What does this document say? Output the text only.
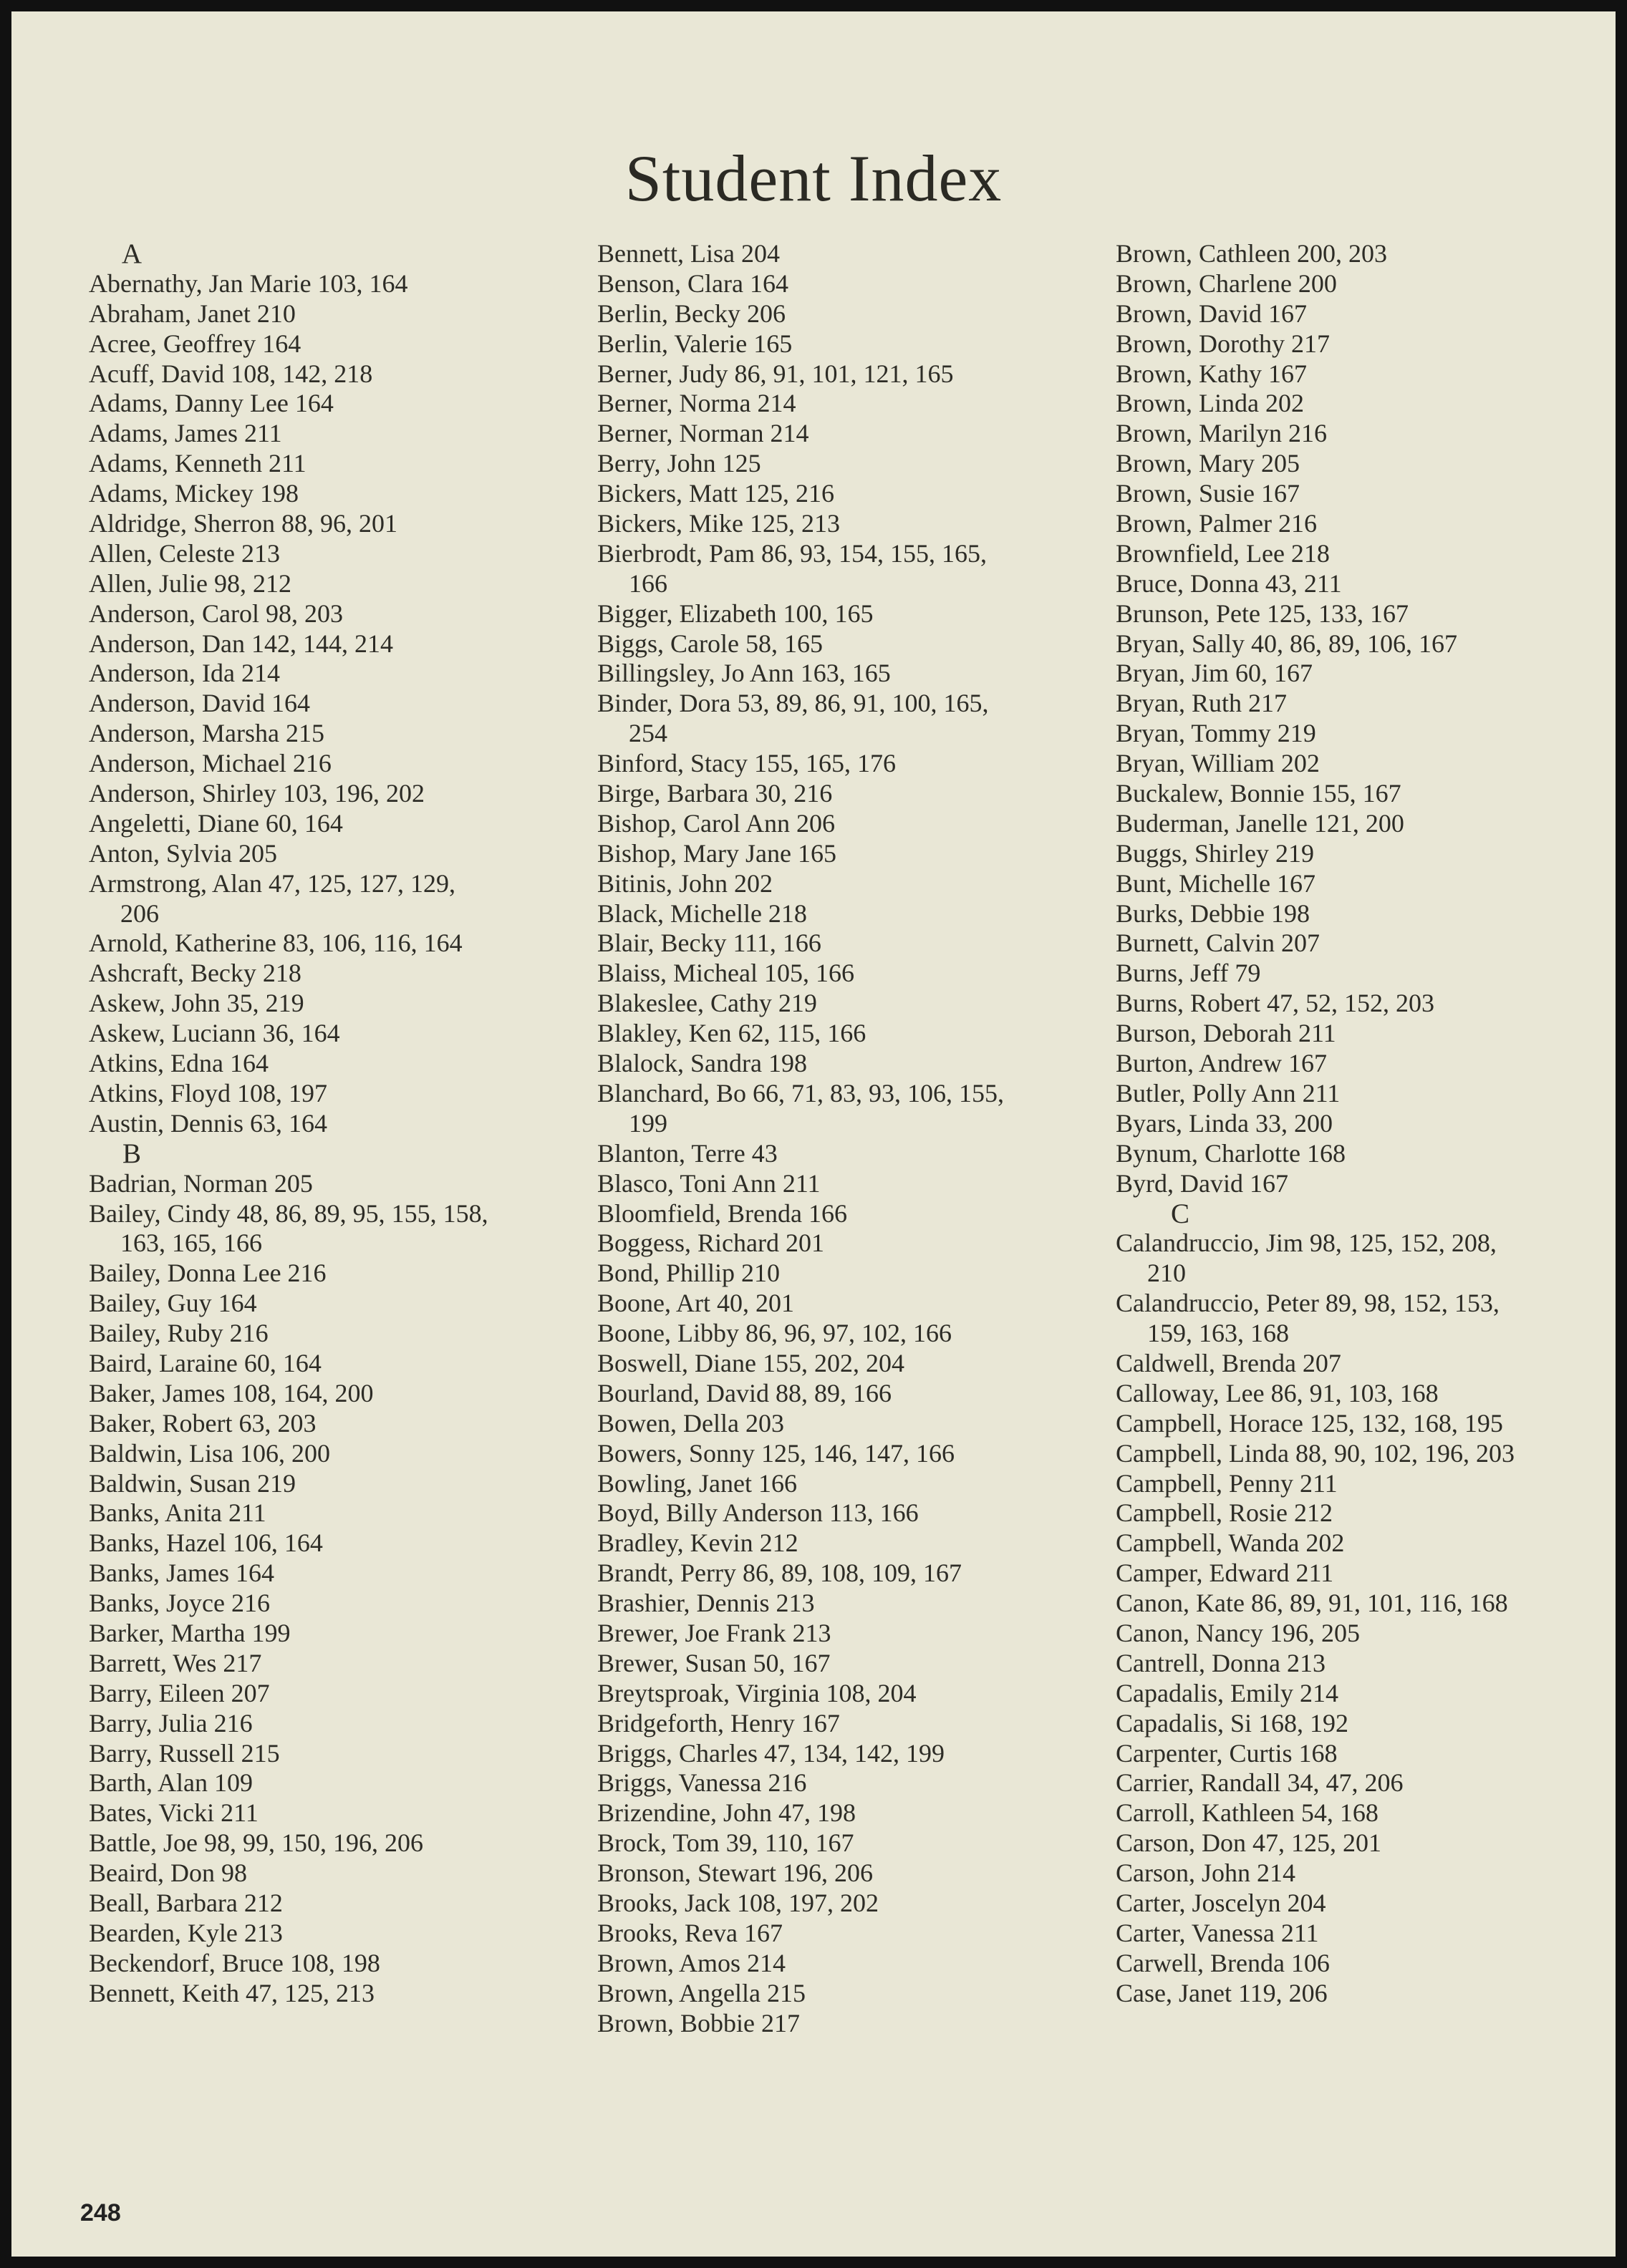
Student Index
A
Abernathy, Jan Marie 103, 164
Abraham, Janet 210
Acree, Geoffrey 164
Acuff, David 108, 142, 218
Adams, Danny Lee 164
Adams, James 211
Adams, Kenneth 211
Adams, Mickey 198
Aldridge, Sherron 88, 96, 201
Allen, Celeste 213
Allen, Julie 98, 212
Anderson, Carol 98, 203
Anderson, Dan 142, 144, 214
Anderson, Ida 214
Anderson, David 164
Anderson, Marsha 215
Anderson, Michael 216
Anderson, Shirley 103, 196, 202
Angeletti, Diane 60, 164
Anton, Sylvia 205
Armstrong, Alan 47, 125, 127, 129,
206
Arnold, Katherine 83, 106, 116, 164
Ashcraft, Becky 218
Askew, John 35, 219
Askew, Luciann 36, 164
Atkins, Edna 164
Atkins, Floyd 108, 197
Austin, Dennis 63, 164
B
Badrian, Norman 205
Bailey, Cindy 48, 86, 89, 95, 155, 158,
163, 165, 166
Bailey, Donna Lee 216
Bailey, Guy 164
Bailey, Ruby 216
Baird, Laraine 60, 164
Baker, James 108, 164, 200
Baker, Robert 63, 203
Baldwin, Lisa 106, 200
Baldwin, Susan 219
Banks, Anita 211
Banks, Hazel 106, 164
Banks, James 164
Banks, Joyce 216
Barker, Martha 199
Barrett, Wes 217
Barry, Eileen 207
Barry, Julia 216
Barry, Russell 215
Barth, Alan 109
Bates, Vicki 211
Battle, Joe 98, 99, 150, 196, 206
Beaird, Don 98
Beall, Barbara 212
Bearden, Kyle 213
Beckendorf, Bruce 108, 198
Bennett, Keith 47, 125, 213
Bennett, Lisa 204
Benson, Clara 164
Berlin, Becky 206
Berlin, Valerie 165
Berner, Judy 86, 91, 101, 121, 165
Berner, Norma 214
Berner, Norman 214
Berry, John 125
Bickers, Matt 125, 216
Bickers, Mike 125, 213
Bierbrodt, Pam 86, 93, 154, 155, 165,
166
Bigger, Elizabeth 100, 165
Biggs, Carole 58, 165
Billingsley, Jo Ann 163, 165
Binder, Dora 53, 89, 86, 91, 100, 165,
254
Binford, Stacy 155, 165, 176
Birge, Barbara 30, 216
Bishop, Carol Ann 206
Bishop, Mary Jane 165
Bitinis, John 202
Black, Michelle 218
Blair, Becky 111, 166
Blaiss, Micheal 105, 166
Blakeslee, Cathy 219
Blakley, Ken 62, 115, 166
Blalock, Sandra 198
Blanchard, Bo 66, 71, 83, 93, 106, 155,
199
Blanton, Terre 43
Blasco, Toni Ann 211
Bloomfield, Brenda 166
Boggess, Richard 201
Bond, Phillip 210
Boone, Art 40, 201
Boone, Libby 86, 96, 97, 102, 166
Boswell, Diane 155, 202, 204
Bourland, David 88, 89, 166
Bowen, Della 203
Bowers, Sonny 125, 146, 147, 166
Bowling, Janet 166
Boyd, Billy Anderson 113, 166
Bradley, Kevin 212
Brandt, Perry 86, 89, 108, 109, 167
Brashier, Dennis 213
Brewer, Joe Frank 213
Brewer, Susan 50, 167
Breytsproak, Virginia 108, 204
Bridgeforth, Henry 167
Briggs, Charles 47, 134, 142, 199
Briggs, Vanessa 216
Brizendine, John 47, 198
Brock, Tom 39, 110, 167
Bronson, Stewart 196, 206
Brooks, Jack 108, 197, 202
Brooks, Reva 167
Brown, Amos 214
Brown, Angella 215
Brown, Bobbie 217
Brown, Cathleen 200, 203
Brown, Charlene 200
Brown, David 167
Brown, Dorothy 217
Brown, Kathy 167
Brown, Linda 202
Brown, Marilyn 216
Brown, Mary 205
Brown, Susie 167
Brown, Palmer 216
Brownfield, Lee 218
Bruce, Donna 43, 211
Brunson, Pete 125, 133, 167
Bryan, Sally 40, 86, 89, 106, 167
Bryan, Jim 60, 167
Bryan, Ruth 217
Bryan, Tommy 219
Bryan, William 202
Buckalew, Bonnie 155, 167
Buderman, Janelle 121, 200
Buggs, Shirley 219
Bunt, Michelle 167
Burks, Debbie 198
Burnett, Calvin 207
Burns, Jeff 79
Burns, Robert 47, 52, 152, 203
Burson, Deborah 211
Burton, Andrew 167
Butler, Polly Ann 211
Byars, Linda 33, 200
Bynum, Charlotte 168
Byrd, David 167
C
Calandruccio, Jim 98, 125, 152, 208,
210
Calandruccio, Peter 89, 98, 152, 153,
159, 163, 168
Caldwell, Brenda 207
Calloway, Lee 86, 91, 103, 168
Campbell, Horace 125, 132, 168, 195
Campbell, Linda 88, 90, 102, 196, 203
Campbell, Penny 211
Campbell, Rosie 212
Campbell, Wanda 202
Camper, Edward 211
Canon, Kate 86, 89, 91, 101, 116, 168
Canon, Nancy 196, 205
Cantrell, Donna 213
Capadalis, Emily 214
Capadalis, Si 168, 192
Carpenter, Curtis 168
Carrier, Randall 34, 47, 206
Carroll, Kathleen 54, 168
Carson, Don 47, 125, 201
Carson, John 214
Carter, Joscelyn 204
Carter, Vanessa 211
Carwell, Brenda 106
Case, Janet 119, 206
248
